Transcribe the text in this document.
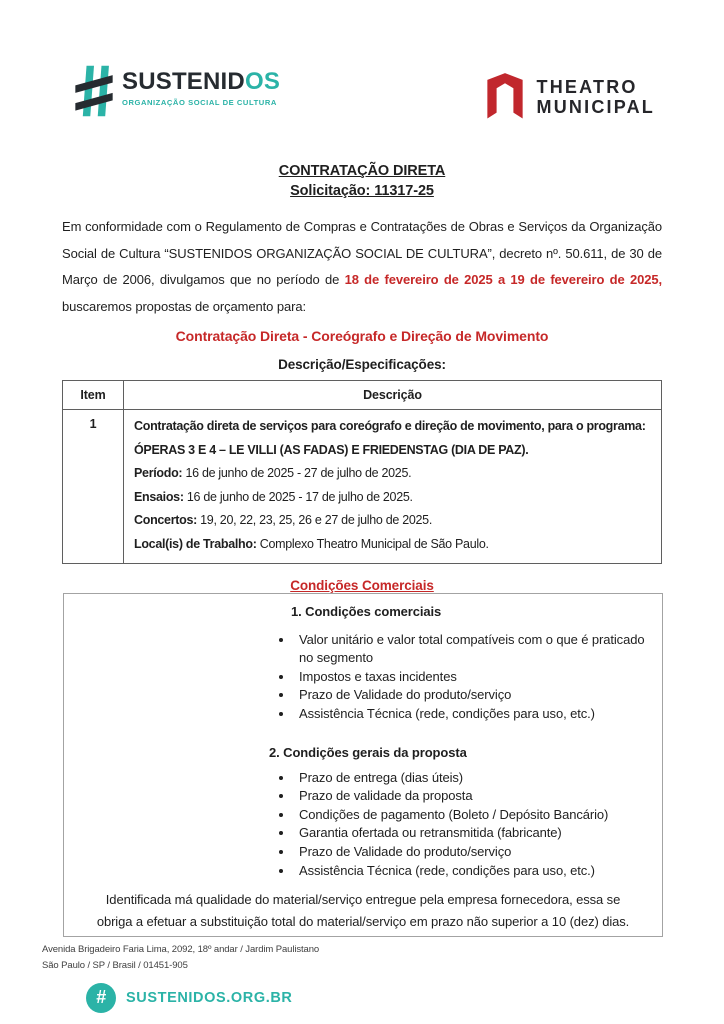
SUSTENIDOS
ORGANIZAÇÃO SOCIAL DE CULTURA
THEATRO
MUNICIPAL
CONTRATAÇÃO DIRETA
Solicitação: 11317-25

Em conformidade com o Regulamento de Compras e Contratações de Obras e Serviços da Organização Social de Cultura “SUSTENIDOS ORGANIZAÇÃO SOCIAL DE CULTURA”, decreto nº. 50.611, de 30 de Março de 2006, divulgamos que no período de 18 de fevereiro de 2025 a 19 de fevereiro de 2025, buscaremos propostas de orçamento para:

Contratação Direta - Coreógrafo e Direção de Movimento
Descrição/Especificações:
Item	Descrição
1	Contratação direta de serviços para coreógrafo e direção de movimento, para o programa:
ÓPERAS 3 E 4 – LE VILLI (AS FADAS) E FRIEDENSTAG (DIA DE PAZ).
Período: 16 de junho de 2025 - 27 de julho de 2025.
Ensaios: 16 de junho de 2025 - 17 de julho de 2025.
Concertos: 19, 20, 22, 23, 25, 26 e 27 de julho de 2025.
Local(is) de Trabalho: Complexo Theatro Municipal de São Paulo.
Condições Comerciais
1. Condições comerciais
• Valor unitário e valor total compatíveis com o que é praticado no segmento
• Impostos e taxas incidentes
• Prazo de Validade do produto/serviço
• Assistência Técnica (rede, condições para uso, etc.)
2. Condições gerais da proposta
• Prazo de entrega (dias úteis)
• Prazo de validade da proposta
• Condições de pagamento (Boleto / Depósito Bancário)
• Garantia ofertada ou retransmitida (fabricante)
• Prazo de Validade do produto/serviço
• Assistência Técnica (rede, condições para uso, etc.)

Identificada má qualidade do material/serviço entregue pela empresa fornecedora, essa se obriga a efetuar a substituição total do material/serviço em prazo não superior a 10 (dez) dias.

Avenida Brigadeiro Faria Lima, 2092, 18º andar / Jardim Paulistano
São Paulo / SP / Brasil / 01451-905
#	SUSTENIDOS.ORG.BR
